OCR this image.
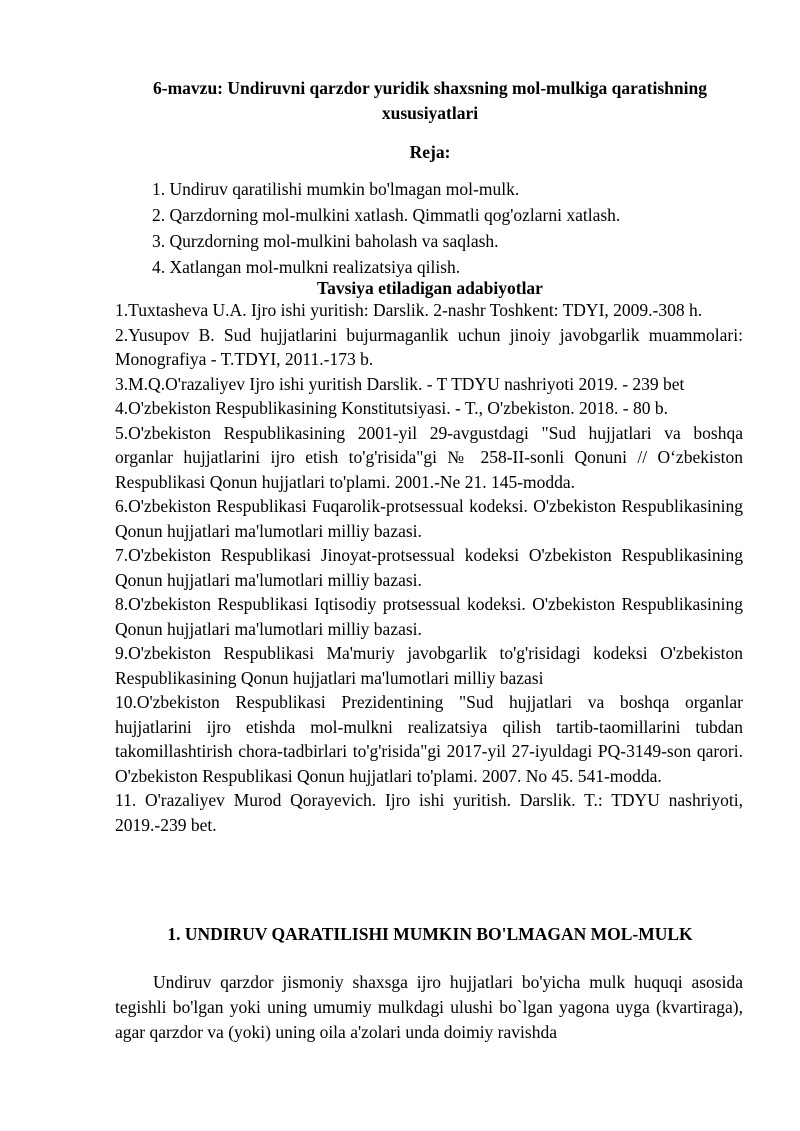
6-mavzu: Undiruvni qarzdor yuridik shaxsning mol-mulkiga qaratishning xususiyatlari
Reja:
1. Undiruv qaratilishi mumkin bo'lmagan mol-mulk.
2. Qarzdorning mol-mulkini xatlash. Qimmatli qog'ozlarni xatlash.
3. Qurzdorning mol-mulkini baholash va saqlash.
4. Xatlangan mol-mulkni realizatsiya qilish.
Tavsiya etiladigan adabiyotlar

1.Tuxtasheva U.A. Ijro ishi yuritish: Darslik. 2-nashr Toshkent: TDYI, 2009.-308 h.

2.Yusupov B. Sud hujjatlarini bujurmaganlik uchun jinoiy javobgarlik muammolari: Monografiya - T.TDYI, 2011.-173 b.

3.M.Q.O'razaliyev Ijro ishi yuritish Darslik. - T TDYU nashriyoti 2019. - 239 bet

4.O'zbekiston Respublikasining Konstitutsiyasi. - T., O'zbekiston. 2018. - 80 b.

5.O'zbekiston Respublikasining 2001-yil 29-avgustdagi "Sud hujjatlari va boshqa organlar hujjatlarini ijro etish to'g'risida"gi № 258-II-sonli Qonuni // O‘zbekiston Respublikasi Qonun hujjatlari to'plami. 2001.-Ne 21. 145-modda.

6.O'zbekiston Respublikasi Fuqarolik-protsessual kodeksi. O'zbekiston Respublikasining Qonun hujjatlari ma'lumotlari milliy bazasi.

7.O'zbekiston Respublikasi Jinoyat-protsessual kodeksi O'zbekiston Respublikasining Qonun hujjatlari ma'lumotlari milliy bazasi.

8.O'zbekiston Respublikasi Iqtisodiy protsessual kodeksi. O'zbekiston Respublikasining Qonun hujjatlari ma'lumotlari milliy bazasi.

9.O'zbekiston Respublikasi Ma'muriy javobgarlik to'g'risidagi kodeksi O'zbekiston Respublikasining Qonun hujjatlari ma'lumotlari milliy bazasi

10.O'zbekiston Respublikasi Prezidentining "Sud hujjatlari va boshqa organlar hujjatlarini ijro etishda mol-mulkni realizatsiya qilish tartib-taomillarini tubdan takomillashtirish chora-tadbirlari to'g'risida"gi 2017-yil 27-iyuldagi PQ-3149-son qarori. O'zbekiston Respublikasi Qonun hujjatlari to'plami. 2007. No 45. 541-modda.

11. O'razaliyev Murod Qorayevich. Ijro ishi yuritish. Darslik. T.: TDYU nashriyoti, 2019.-239 bet.

1. UNDIRUV QARATILISHI MUMKIN BO'LMAGAN MOL-MULK

Undiruv qarzdor jismoniy shaxsga ijro hujjatlari bo'yicha mulk huquqi asosida tegishli bo'lgan yoki uning umumiy mulkdagi ulushi bo`lgan yagona uyga (kvartiraga), agar qarzdor va (yoki) uning oila a'zolari unda doimiy ravishda
